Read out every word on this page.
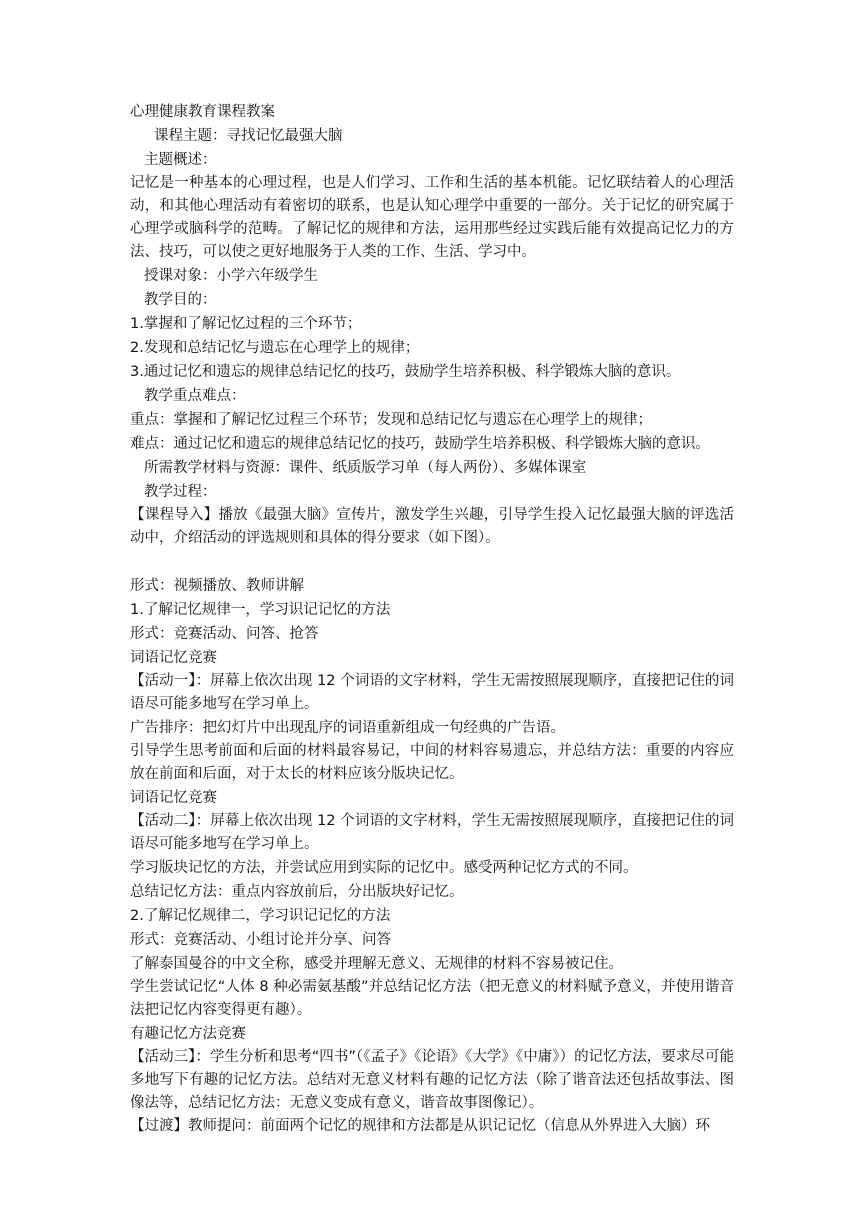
心理健康教育课程教案
课程主题：寻找记忆最强大脑
主题概述：
记忆是一种基本的心理过程，也是人们学习、工作和生活的基本机能。记忆联结着人的心理活动，和其他心理活动有着密切的联系，也是认知心理学中重要的一部分。关于记忆的研究属于心理学或脑科学的范畴。了解记忆的规律和方法，运用那些经过实践后能有效提高记忆力的方法、技巧，可以使之更好地服务于人类的工作、生活、学习中。
授课对象：小学六年级学生
教学目的：
1.掌握和了解记忆过程的三个环节；
2.发现和总结记忆与遗忘在心理学上的规律；
3.通过记忆和遗忘的规律总结记忆的技巧，鼓励学生培养积极、科学锻炼大脑的意识。
教学重点难点：
重点：掌握和了解记忆过程三个环节；发现和总结记忆与遗忘在心理学上的规律；
难点：通过记忆和遗忘的规律总结记忆的技巧，鼓励学生培养积极、科学锻炼大脑的意识。
所需教学材料与资源：课件、纸质版学习单（每人两份）、多媒体课室
教学过程：
【课程导入】播放《最强大脑》宣传片，激发学生兴趣，引导学生投入记忆最强大脑的评选活动中，介绍活动的评选规则和具体的得分要求（如下图）。
形式：视频播放、教师讲解
1.了解记忆规律一，学习识记记忆的方法
形式：竞赛活动、问答、抢答
词语记忆竞赛
【活动一】：屏幕上依次出现 12 个词语的文字材料，学生无需按照展现顺序，直接把记住的词语尽可能多地写在学习单上。
广告排序：把幻灯片中出现乱序的词语重新组成一句经典的广告语。
引导学生思考前面和后面的材料最容易记，中间的材料容易遗忘，并总结方法：重要的内容应放在前面和后面，对于太长的材料应该分版块记忆。
词语记忆竞赛
【活动二】：屏幕上依次出现 12 个词语的文字材料，学生无需按照展现顺序，直接把记住的词语尽可能多地写在学习单上。
学习版块记忆的方法，并尝试应用到实际的记忆中。感受两种记忆方式的不同。
总结记忆方法：重点内容放前后，分出版块好记忆。
2.了解记忆规律二，学习识记记忆的方法
形式：竞赛活动、小组讨论并分享、问答
了解泰国曼谷的中文全称，感受并理解无意义、无规律的材料不容易被记住。
学生尝试记忆“人体 8 种必需氨基酸”并总结记忆方法（把无意义的材料赋予意义，并使用谐音法把记忆内容变得更有趣）。
有趣记忆方法竞赛
【活动三】：学生分析和思考“四书”（《孟子》《论语》《大学》《中庸》）的记忆方法，要求尽可能多地写下有趣的记忆方法。总结对无意义材料有趣的记忆方法（除了谐音法还包括故事法、图像法等，总结记忆方法：无意义变成有意义，谐音故事图像记）。
【过渡】教师提问：前面两个记忆的规律和方法都是从识记记忆（信息从外界进入大脑）环
